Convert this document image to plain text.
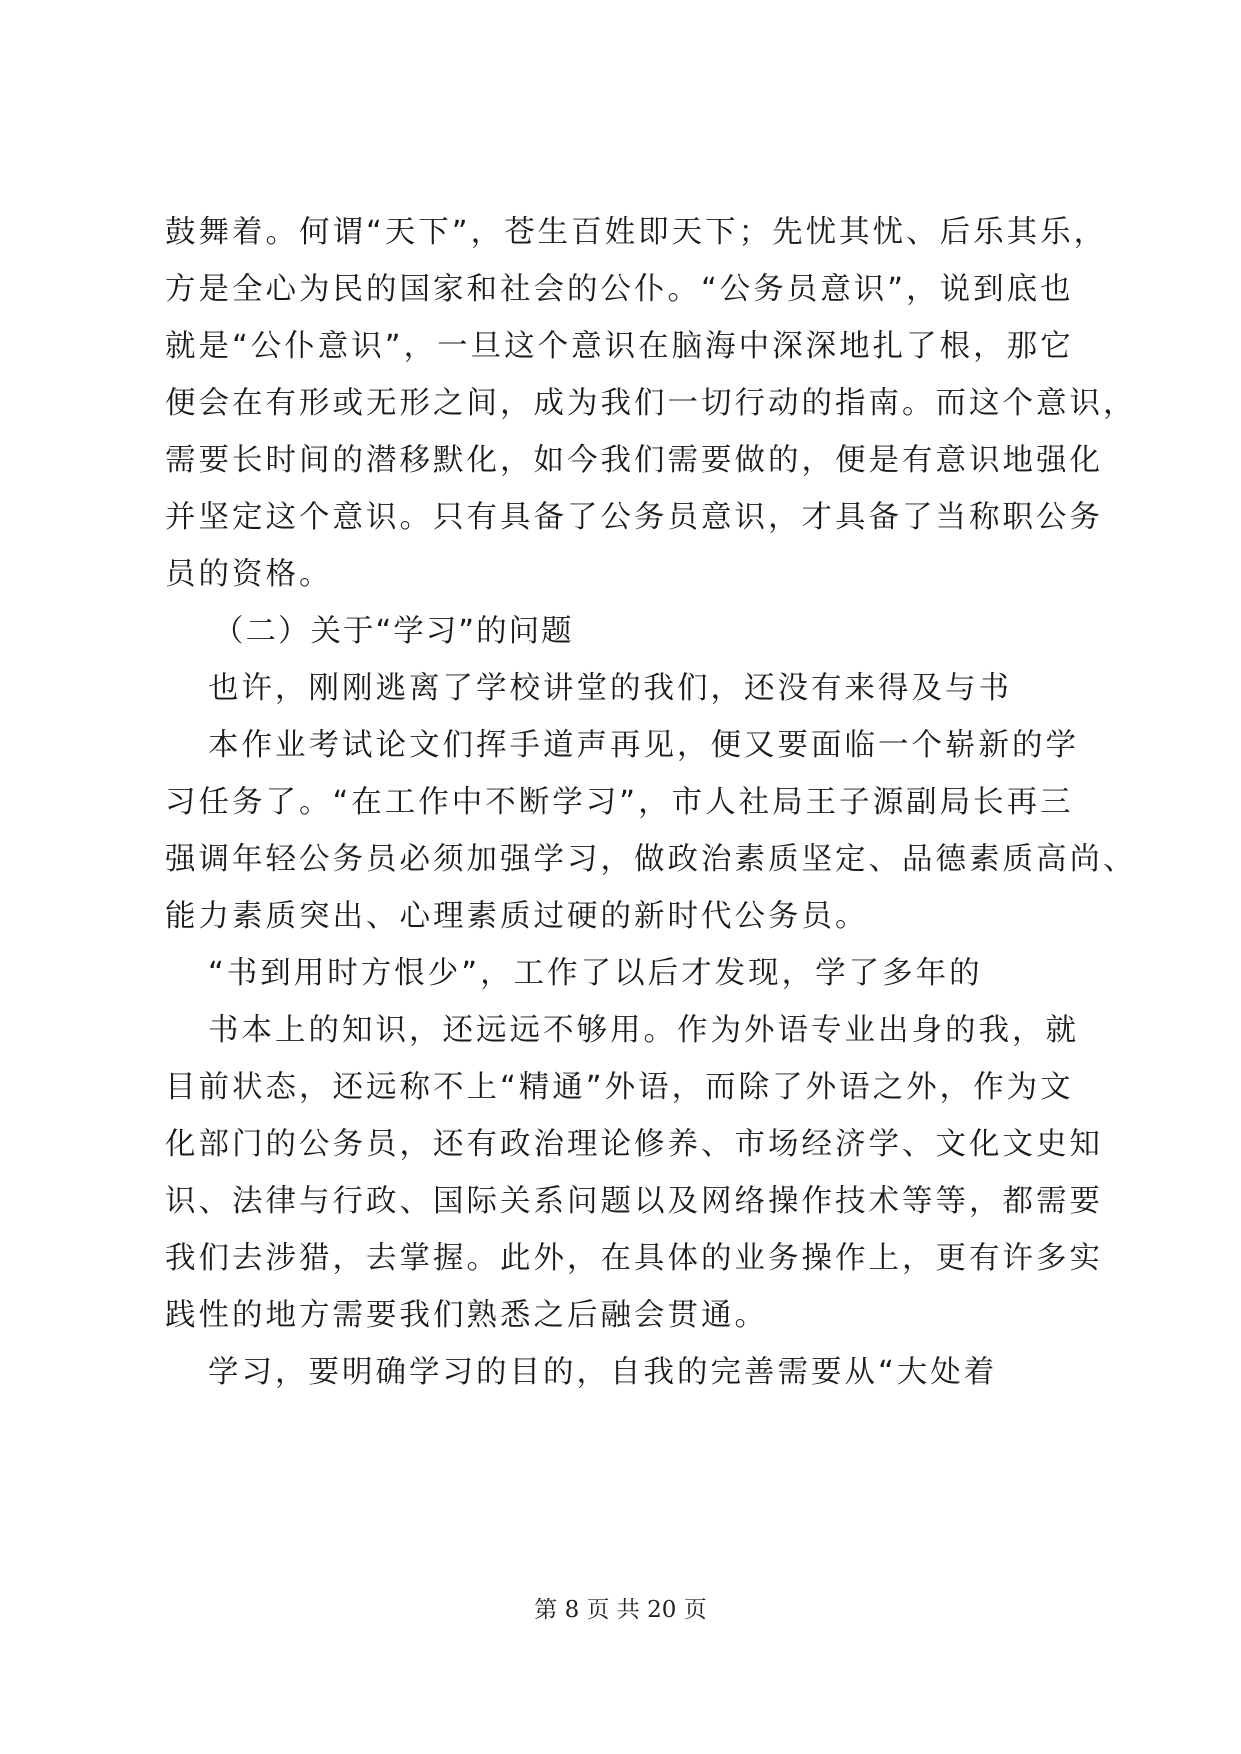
鼓舞着。何谓“天下”，苍生百姓即天下；先忧其忧、后乐其乐，
方是全心为民的国家和社会的公仆。“公务员意识”，说到底也
就是“公仆意识”，一旦这个意识在脑海中深深地扎了根，那它
便会在有形或无形之间，成为我们一切行动的指南。而这个意识，
需要长时间的潜移默化，如今我们需要做的，便是有意识地强化
并坚定这个意识。只有具备了公务员意识，才具备了当称职公务
员的资格。
（二）关于“学习”的问题
也许，刚刚逃离了学校讲堂的我们，还没有来得及与书
本作业考试论文们挥手道声再见，便又要面临一个崭新的学
习任务了。“在工作中不断学习”，市人社局王子源副局长再三
强调年轻公务员必须加强学习，做政治素质坚定、品德素质高尚、
能力素质突出、心理素质过硬的新时代公务员。
“书到用时方恨少”，工作了以后才发现，学了多年的
书本上的知识，还远远不够用。作为外语专业出身的我，就
目前状态，还远称不上“精通”外语，而除了外语之外，作为文
化部门的公务员，还有政治理论修养、市场经济学、文化文史知
识、法律与行政、国际关系问题以及网络操作技术等等，都需要
我们去涉猎，去掌握。此外，在具体的业务操作上，更有许多实
践性的地方需要我们熟悉之后融会贯通。
学习，要明确学习的目的，自我的完善需要从“大处着
第 8 页 共 20 页
